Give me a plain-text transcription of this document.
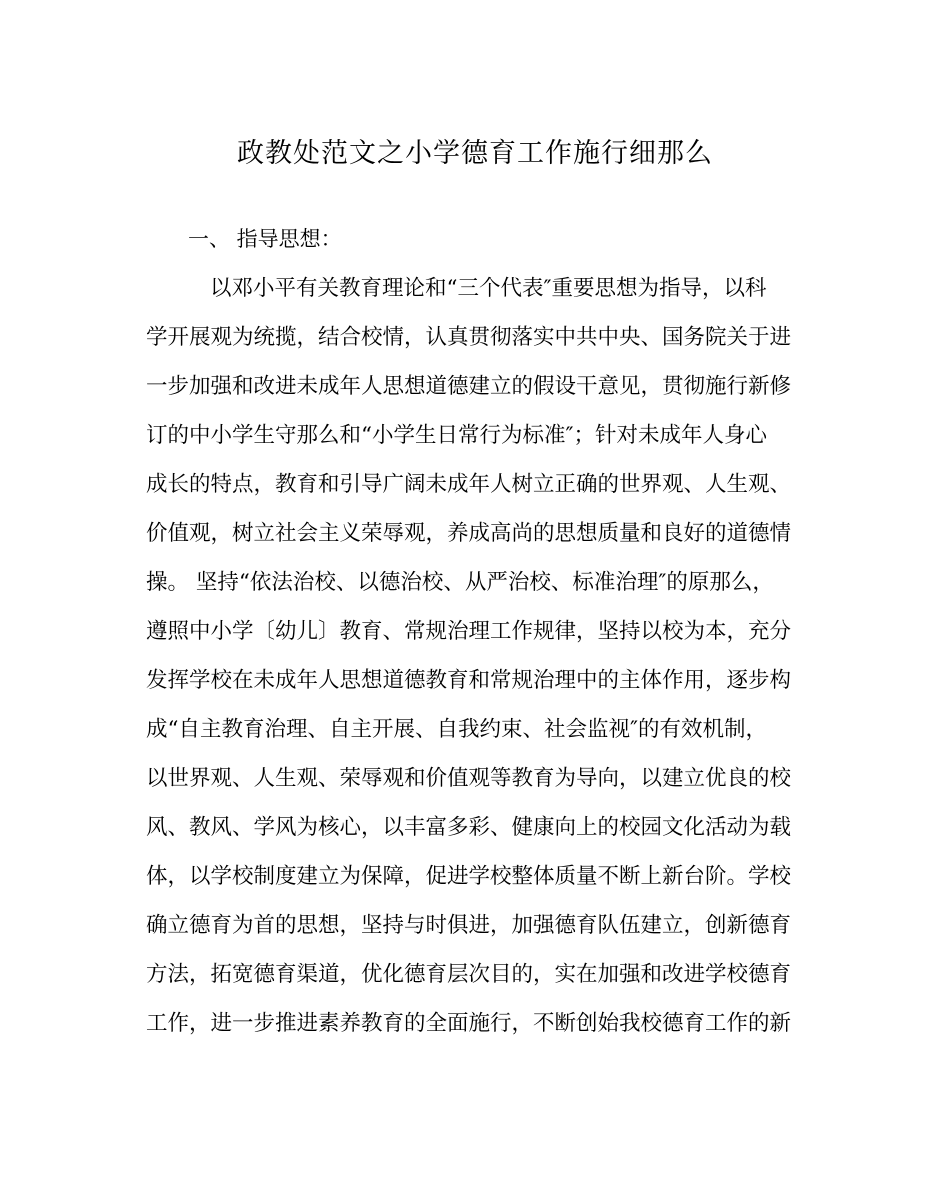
政教处范文之小学德育工作施行细那么
一、 指导思想：
以邓小平有关教育理论和“三个代表″重要思想为指导，以科
学开展观为统揽，结合校情，认真贯彻落实中共中央、国务院关于进
一步加强和改进未成年人思想道德建立的假设干意见，贯彻施行新修
订的中小学生守那么和“小学生日常行为标准″；针对未成年人身心
成长的特点，教育和引导广阔未成年人树立正确的世界观、人生观、
价值观，树立社会主义荣辱观，养成高尚的思想质量和良好的道德情
操。 坚持“依法治校、以德治校、从严治校、标准治理″的原那么，
遵照中小学〔幼儿〕教育、常规治理工作规律，坚持以校为本，充分
发挥学校在未成年人思想道德教育和常规治理中的主体作用，逐步构
成“自主教育治理、自主开展、自我约束、社会监视″的有效机制，
以世界观、人生观、荣辱观和价值观等教育为导向，以建立优良的校
风、教风、学风为核心，以丰富多彩、健康向上的校园文化活动为载
体，以学校制度建立为保障，促进学校整体质量不断上新台阶。学校
确立德育为首的思想，坚持与时俱进，加强德育队伍建立，创新德育
方法，拓宽德育渠道，优化德育层次目的，实在加强和改进学校德育
工作，进一步推进素养教育的全面施行，不断创始我校德育工作的新
